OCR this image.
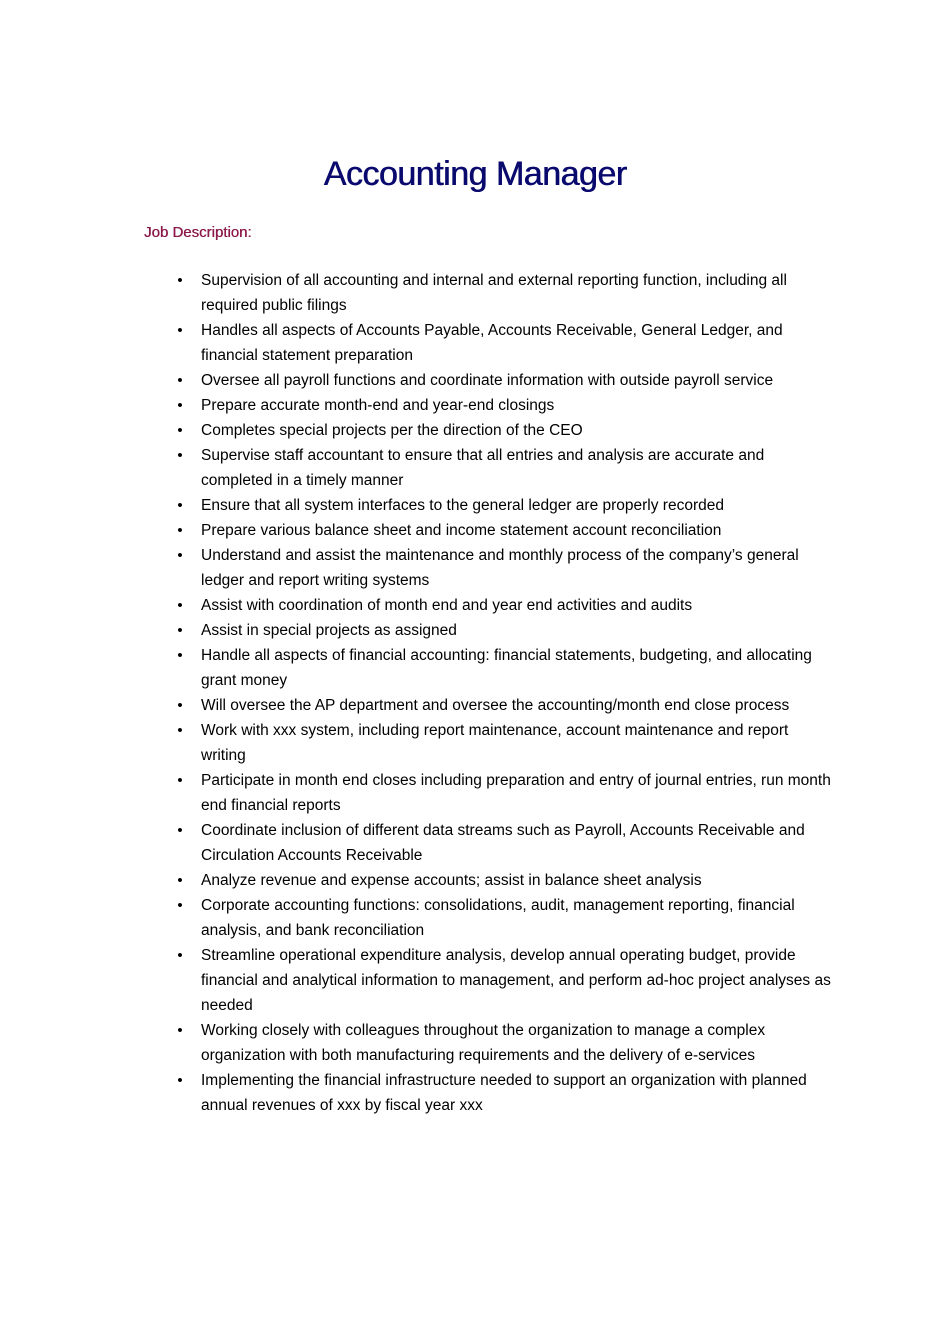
Accounting Manager
Job Description:
• Supervision of all accounting and internal and external reporting function, including all required public filings
• Handles all aspects of Accounts Payable, Accounts Receivable, General Ledger, and financial statement preparation
• Oversee all payroll functions and coordinate information with outside payroll service
• Prepare accurate month-end and year-end closings
• Completes special projects per the direction of the CEO
• Supervise staff accountant to ensure that all entries and analysis are accurate and completed in a timely manner
• Ensure that all system interfaces to the general ledger are properly recorded
• Prepare various balance sheet and income statement account reconciliation
• Understand and assist the maintenance and monthly process of the company’s general ledger and report writing systems
• Assist with coordination of month end and year end activities and audits
• Assist in special projects as assigned
• Handle all aspects of financial accounting: financial statements, budgeting, and allocating grant money
• Will oversee the AP department and oversee the accounting/month end close process
• Work with xxx system, including report maintenance, account maintenance and report writing
• Participate in month end closes including preparation and entry of journal entries, run month end financial reports
• Coordinate inclusion of different data streams such as Payroll, Accounts Receivable and Circulation Accounts Receivable
• Analyze revenue and expense accounts; assist in balance sheet analysis
• Corporate accounting functions: consolidations, audit, management reporting, financial analysis, and bank reconciliation
• Streamline operational expenditure analysis, develop annual operating budget, provide financial and analytical information to management, and perform ad-hoc project analyses as needed
• Working closely with colleagues throughout the organization to manage a complex organization with both manufacturing requirements and the delivery of e-services
• Implementing the financial infrastructure needed to support an organization with planned annual revenues of xxx by fiscal year xxx
